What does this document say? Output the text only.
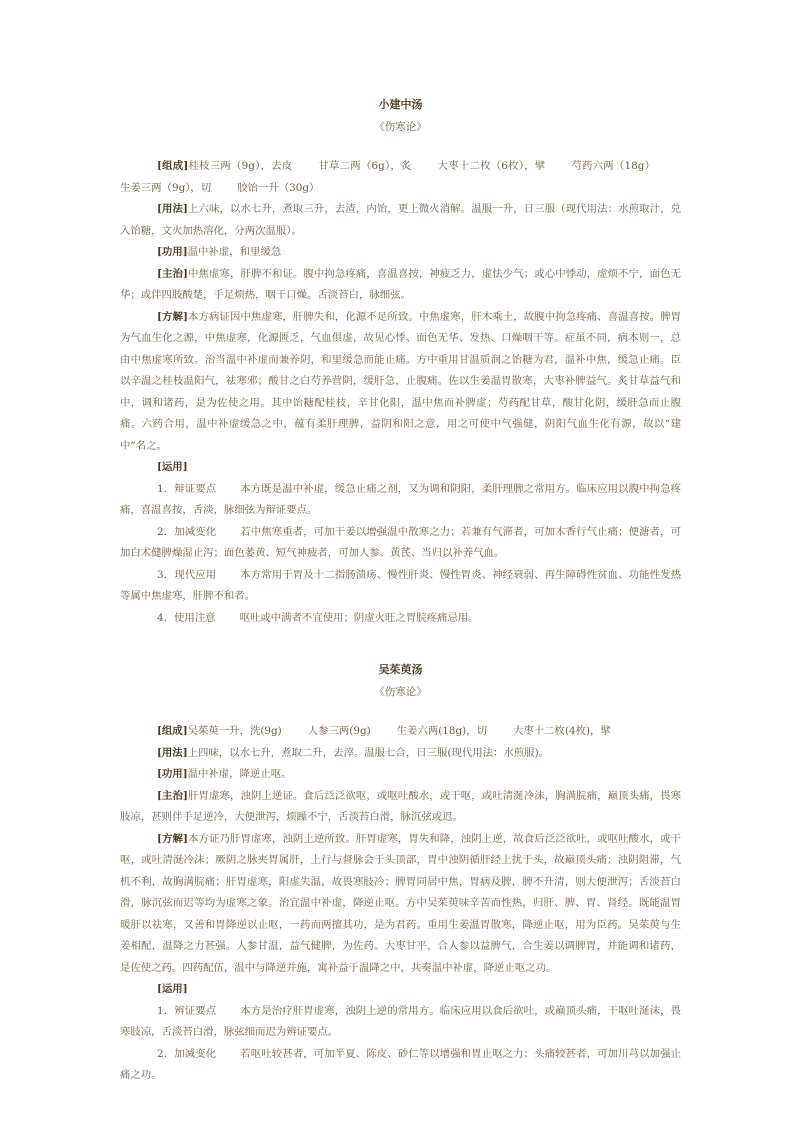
小建中汤
《伤寒论》

[组成]桂枝三两（9g），去皮	甘草二两（6g），炙	大枣十二枚（6枚），擘	芍药六两（18g）生姜三两（9g），切	胶饴一升（30g）

[用法]上六味，以水七升，煮取三升，去渣，内饴，更上微火消解。温服一升，日三服（现代用法：水煎取汁，兑入饴糖，文火加热溶化，分两次温服）。

[功用]温中补虚，和里缓急

[主治]中焦虚寒，肝脾不和证。腹中拘急疼痛，喜温喜按，神疲乏力，虚怯少气；或心中悸动，虚烦不宁，面色无华；或伴四肢酸楚，手足烦热，咽干口燥。舌淡苔白，脉细弦。

[方解]本方病证因中焦虚寒，肝脾失和，化源不足所致。中焦虚寒，肝木乘土，故腹中拘急疼痛、喜温喜按。脾胃为气血生化之源，中焦虚寒，化源匮乏，气血俱虚，故见心悸、面色无华、发热、口燥咽干等。症虽不同，病本则一，总由中焦虚寒所致。治当温中补虚而兼养阴，和里缓急而能止痛。方中重用甘温质润之饴糖为君，温补中焦，缓急止痛。臣以辛温之桂枝温阳气，祛寒邪；酸甘之白芍养营阴，缓肝急，止腹痛。佐以生姜温胃散寒，大枣补脾益气。炙甘草益气和中，调和诸药，是为佐使之用。其中饴糖配桂枝，辛甘化阳，温中焦而补脾虚；芍药配甘草，酸甘化阴，缓肝急而止腹痛。六药合用，温中补虚缓急之中，蕴有柔肝理脾，益阴和阳之意，用之可使中气强健，阴阳气血生化有源，故以“建中”名之。

[运用]

1．辩证要点 本方既是温中补虚，缓急止痛之剂，又为调和阴阳，柔肝理脾之常用方。临床应用以腹中拘急疼痛，喜温喜按，舌淡，脉细弦为辩证要点。

2．加减变化 若中焦寒重者，可加干姜以增强温中散寒之力；若兼有气滞者，可加木香行气止痛；便溏者，可加白术健脾燥湿止泻；面色萎黄、短气神疲者，可加人参、黄芪、当归以补养气血。

3．现代应用 本方常用于胃及十二指肠溃疡、慢性肝炎、慢性胃炎、神经衰弱、再生障碍性贫血、功能性发热等属中焦虚寒，肝脾不和者。

4．使用注意 呕吐或中满者不宜使用；阴虚火旺之胃脘疼痛忌用。

吴茱萸汤
《伤寒论》

[组成]吴茱萸一升，洗(9g)	人参三两(9g)	生姜六两(18g)，切	大枣十二枚(4枚)，擘

[用法]上四味，以水七升，煮取二升，去滓。温服七合，日三服(现代用法：水煎服)。

[功用]温中补虚，降逆止呕。

[主治]肝胃虚寒，浊阴上逆证。食后泛泛欲呕，或呕吐酸水，或干呕，或吐清涎冷沫，胸满脘痛，巅顶头痛，畏寒肢凉，甚则伴手足逆冷，大便泄泻，烦躁不宁，舌淡苔白滑，脉沉弦或迟。

[方解]本方证乃肝胃虚寒，浊阴上逆所致。肝胃虚寒，胃失和降，浊阴上逆，故食后泛泛欲吐，或呕吐酸水，或干呕，或吐清涎冷沫；厥阴之脉夹胃属肝，上行与督脉会于头顶部，胃中浊阴循肝经上扰于头，故巅顶头痛；浊阴阻滞，气机不利，故胸满脘痛；肝胃虚寒，阳虚失温，故畏寒肢冷；脾胃同居中焦，胃病及脾，脾不升清，则大便泄泻；舌淡苔白滑，脉沉弦而迟等均为虚寒之象。治宜温中补虚，降逆止呕。方中吴茱萸味辛苦而性热，归肝、脾、胃、肾经。既能温胃暖肝以祛寒，又善和胃降逆以止呕，一药而两擅其功，是为君药。重用生姜温胃散寒，降逆止呕，用为臣药。吴茱萸与生姜相配，温降之力甚强。人参甘温，益气健脾，为佐药。大枣甘平，合人参以益脾气，合生姜以调脾胃，并能调和诸药，是佐使之药。四药配伍，温中与降逆并施，寓补益于温降之中，共奏温中补虚，降逆止呕之功。

[运用]

1．辨证要点 本方是治疗肝胃虚寒，浊阴上逆的常用方。临床应用以食后欲吐，或巅顶头痛，干呕吐涎沫，畏寒肢凉，舌淡苔白滑，脉弦细而迟为辨证要点。

2．加减变化 若呕吐较甚者，可加半夏、陈皮、砂仁等以增强和胃止呕之力；头痛较甚者，可加川芎以加强止痛之功。
